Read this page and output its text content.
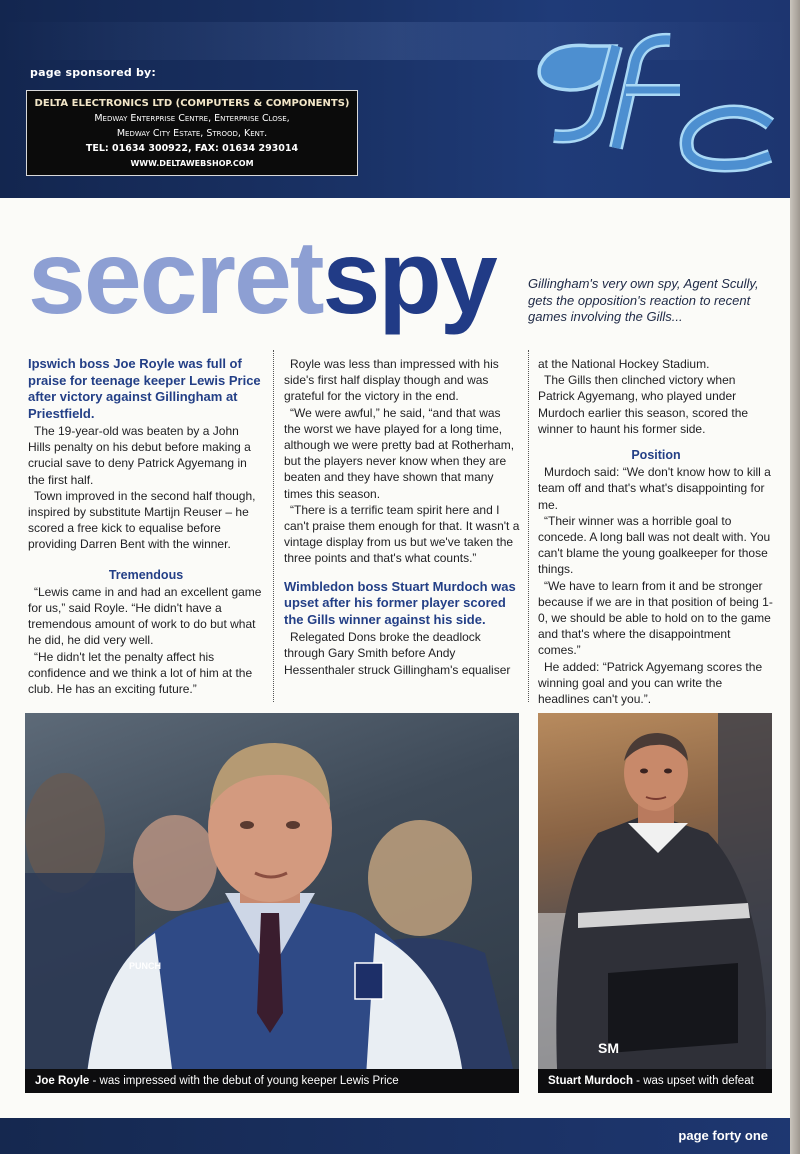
page sponsored by:
DELTA ELECTRONICS LTD (COMPUTERS & COMPONENTS)
Medway Enterprise Centre, Enterprise Close,
Medway City Estate, Strood, Kent.
TEL: 01634 300922, FAX: 01634 293014
WWW.DELTAWEBSHOP.COM
gfc
secretspy Gillingham's very own spy, Agent Scully, gets the opposition's reaction to recent games involving the Gills...

Ipswich boss Joe Royle was full of praise for teenage keeper Lewis Price after victory against Gillingham at Priestfield.

The 19-year-old was beaten by a John Hills penalty on his debut before making a crucial save to deny Patrick Agyemang in the first half.

Town improved in the second half though, inspired by substitute Martijn Reuser – he scored a free kick to equalise before providing Darren Bent with the winner.

Tremendous

“Lewis came in and had an excellent game for us,” said Royle. “He didn't have a tremendous amount of work to do but what he did, he did very well.

“He didn't let the penalty affect his confidence and we think a lot of him at the club. He has an exciting future.”

Royle was less than impressed with his side's first half display though and was grateful for the victory in the end.

“We were awful,” he said, “and that was the worst we have played for a long time, although we were pretty bad at Rotherham, but the players never know when they are beaten and they have shown that many times this season.

“There is a terrific team spirit here and I can't praise them enough for that. It wasn't a vintage display from us but we've taken the three points and that's what counts.”

Wimbledon boss Stuart Murdoch was upset after his former player scored the Gills winner against his side.

Relegated Dons broke the deadlock through Gary Smith before Andy Hessenthaler struck Gillingham's equaliser

at the National Hockey Stadium.

The Gills then clinched victory when Patrick Agyemang, who played under Murdoch earlier this season, scored the winner to haunt his former side.

Position

Murdoch said: “We don't know how to kill a team off and that's what's disappointing for me.

“Their winner was a horrible goal to concede. A long ball was not dealt with. You can't blame the young goalkeeper for those things.

“We have to learn from it and be stronger because if we are in that position of being 1-0, we should be able to hold on to the game and that's where the disappointment comes.”

He added: “Patrick Agyemang scores the winning goal and you can write the headlines can't you.”.

PUNCH
Joe Royle - was impressed with the debut of young keeper Lewis Price
SM
Stuart Murdoch - was upset with defeat
page forty one
